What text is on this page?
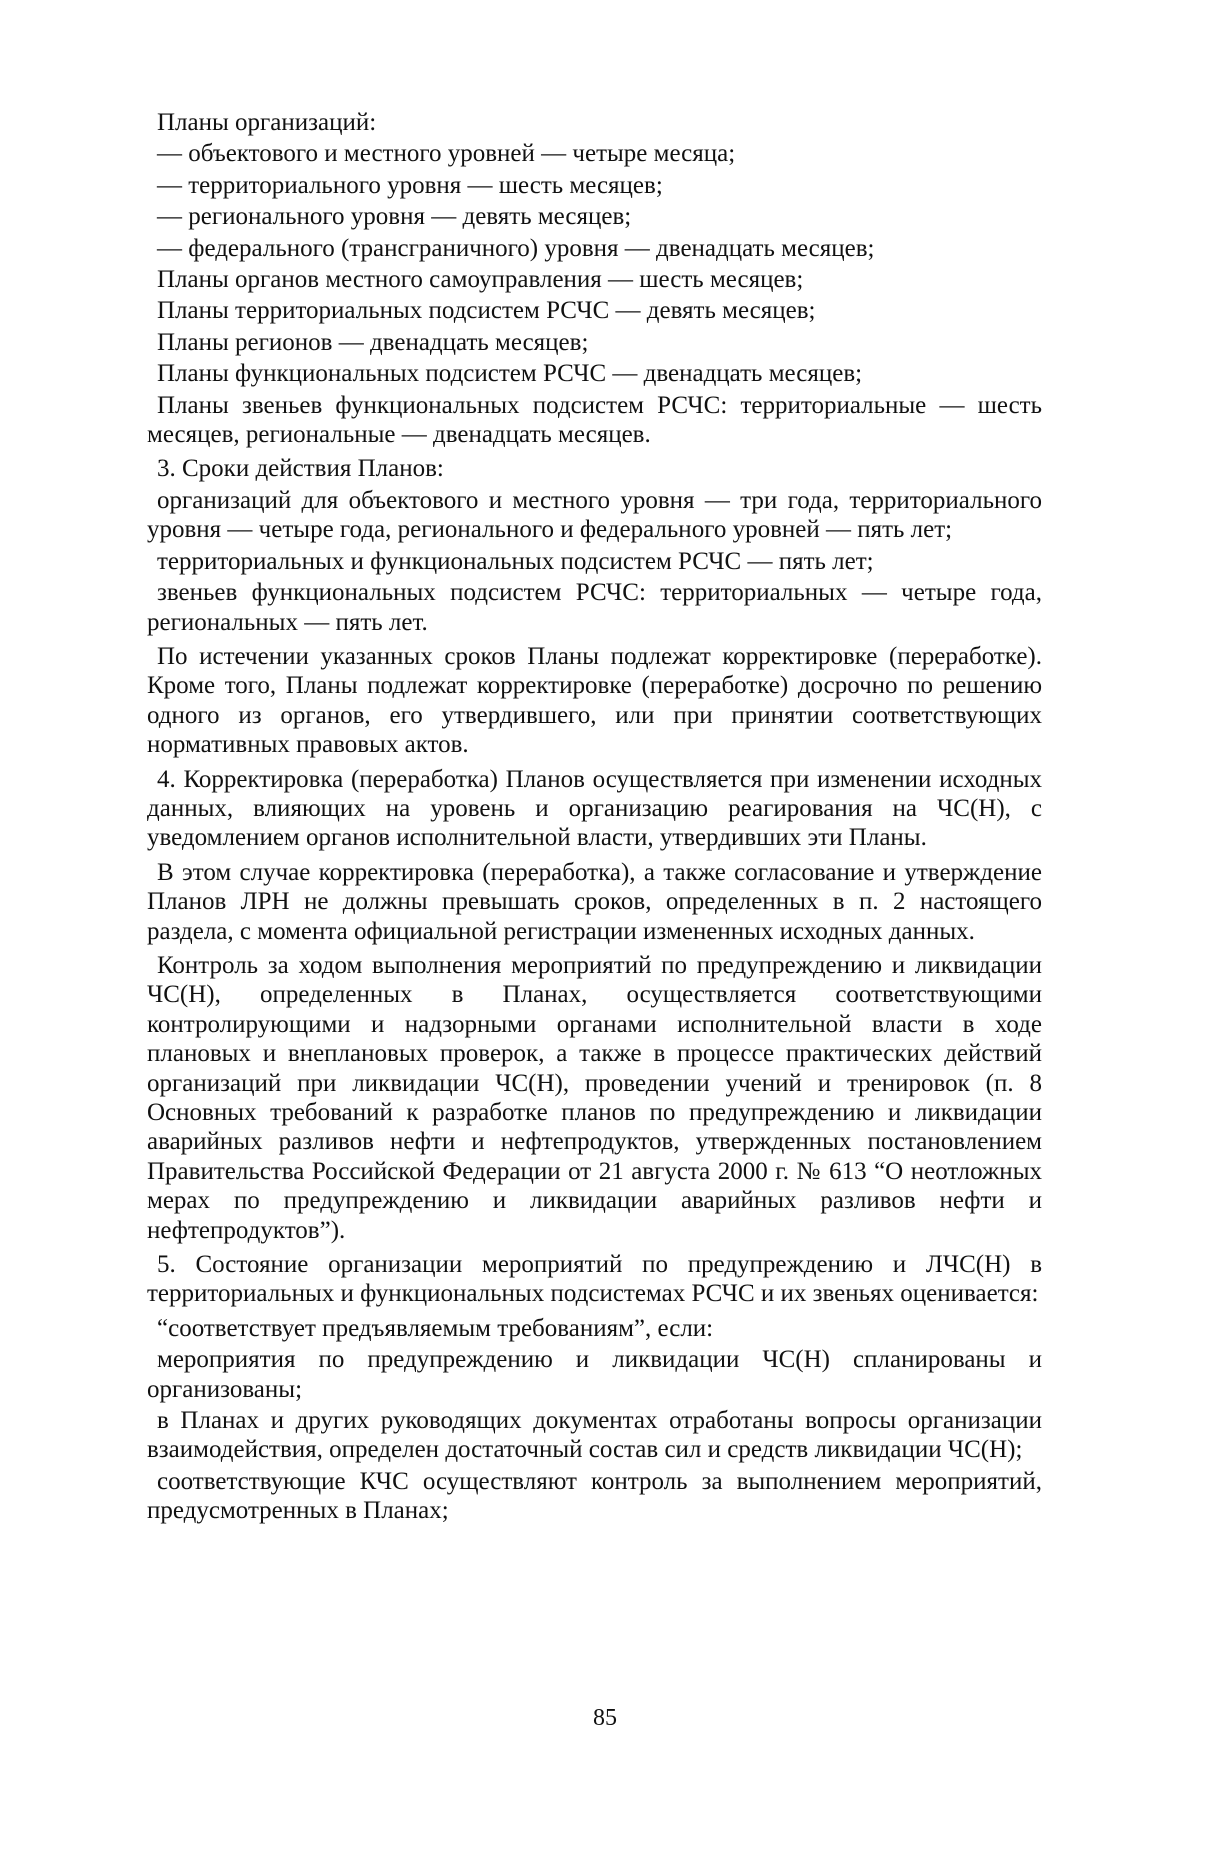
Планы организаций:

— объектового и местного уровней — четыре месяца;

— территориального уровня — шесть месяцев;

— регионального уровня — девять месяцев;

— федерального (трансграничного) уровня — двенадцать месяцев;

Планы органов местного самоуправления — шесть месяцев;

Планы территориальных подсистем РСЧС — девять месяцев;

Планы регионов — двенадцать месяцев;

Планы функциональных подсистем РСЧС — двенадцать месяцев;

Планы звеньев функциональных подсистем РСЧС: территориальные — шесть месяцев, региональные — двенадцать месяцев.

3. Сроки действия Планов:

организаций для объектового и местного уровня — три года, территориального уровня — четыре года, регионального и федерального уровней — пять лет;

территориальных и функциональных подсистем РСЧС — пять лет;

звеньев функциональных подсистем РСЧС: территориальных — четыре года, региональных — пять лет.

По истечении указанных сроков Планы подлежат корректировке (переработке). Кроме того, Планы подлежат корректировке (переработке) досрочно по решению одного из органов, его утвердившего, или при принятии соответствующих нормативных правовых актов.

4. Корректировка (переработка) Планов осуществляется при изменении исходных данных, влияющих на уровень и организацию реагирования на ЧС(Н), с уведомлением органов исполнительной власти, утвердивших эти Планы.

В этом случае корректировка (переработка), а также согласование и утверждение Планов ЛРН не должны превышать сроков, определенных в п. 2 настоящего раздела, с момента официальной регистрации измененных исходных данных.

Контроль за ходом выполнения мероприятий по предупреждению и ликвидации ЧС(Н), определенных в Планах, осуществляется соответствующими контролирующими и надзорными органами исполнительной власти в ходе плановых и внеплановых проверок, а также в процессе практических действий организаций при ликвидации ЧС(Н), проведении учений и тренировок (п. 8 Основных требований к разработке планов по предупреждению и ликвидации аварийных разливов нефти и нефтепродуктов, утвержденных постановлением Правительства Российской Федерации от 21 августа 2000 г. № 613 “О неотложных мерах по предупреждению и ликвидации аварийных разливов нефти и нефтепродуктов”).

5. Состояние организации мероприятий по предупреждению и ЛЧС(Н) в территориальных и функциональных подсистемах РСЧС и их звеньях оценивается:

“соответствует предъявляемым требованиям”, если:

мероприятия по предупреждению и ликвидации ЧС(Н) спланированы и организованы;

в Планах и других руководящих документах отработаны вопросы организации взаимодействия, определен достаточный состав сил и средств ликвидации ЧС(Н);

соответствующие КЧС осуществляют контроль за выполнением мероприятий, предусмотренных в Планах;

85
